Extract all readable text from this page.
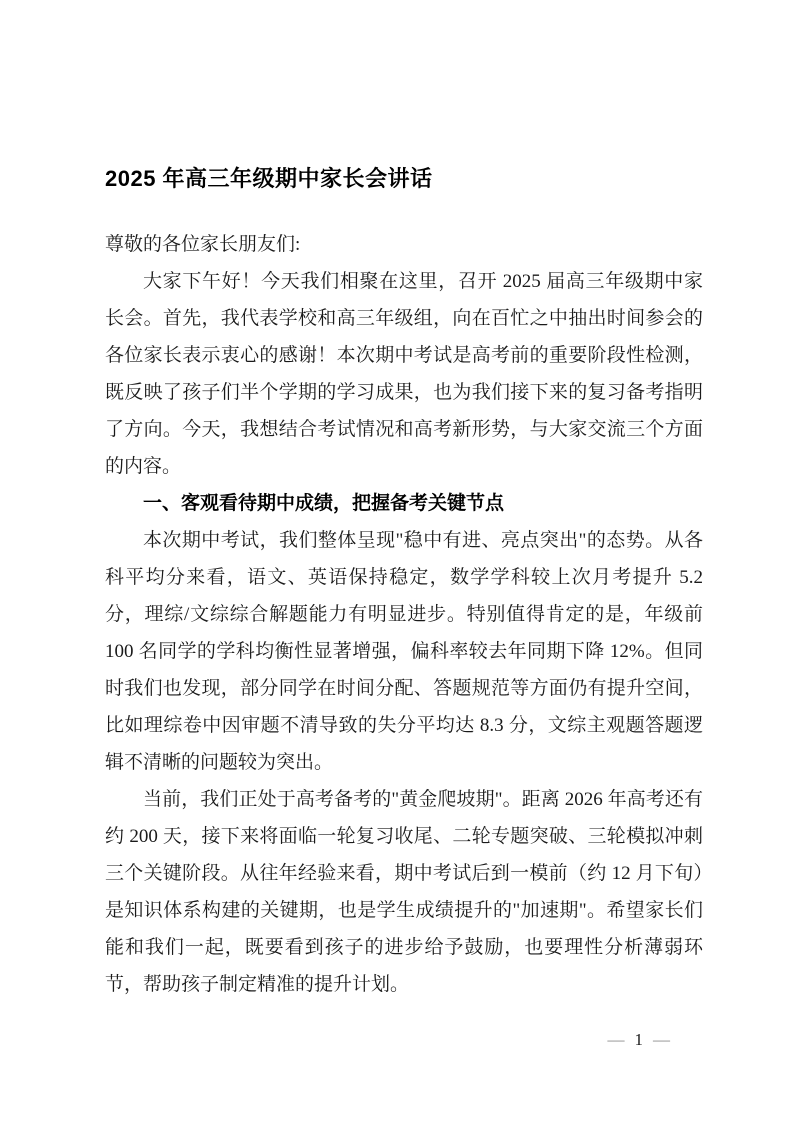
2025 年高三年级期中家长会讲话

尊敬的各位家长朋友们:

大家下午好！今天我们相聚在这里，召开 2025 届高三年级期中家长会。首先，我代表学校和高三年级组，向在百忙之中抽出时间参会的各位家长表示衷心的感谢！本次期中考试是高考前的重要阶段性检测，既反映了孩子们半个学期的学习成果，也为我们接下来的复习备考指明了方向。今天，我想结合考试情况和高考新形势，与大家交流三个方面的内容。

一、客观看待期中成绩，把握备考关键节点

本次期中考试，我们整体呈现"稳中有进、亮点突出"的态势。从各科平均分来看，语文、英语保持稳定，数学学科较上次月考提升 5.2 分，理综/文综综合解题能力有明显进步。特别值得肯定的是，年级前 100 名同学的学科均衡性显著增强，偏科率较去年同期下降 12%。但同时我们也发现，部分同学在时间分配、答题规范等方面仍有提升空间，比如理综卷中因审题不清导致的失分平均达 8.3 分，文综主观题答题逻辑不清晰的问题较为突出。

当前，我们正处于高考备考的"黄金爬坡期"。距离 2026 年高考还有约 200 天，接下来将面临一轮复习收尾、二轮专题突破、三轮模拟冲刺三个关键阶段。从往年经验来看，期中考试后到一模前（约 12 月下旬）是知识体系构建的关键期，也是学生成绩提升的"加速期"。希望家长们能和我们一起，既要看到孩子的进步给予鼓励，也要理性分析薄弱环节，帮助孩子制定精准的提升计划。

— 1 —
